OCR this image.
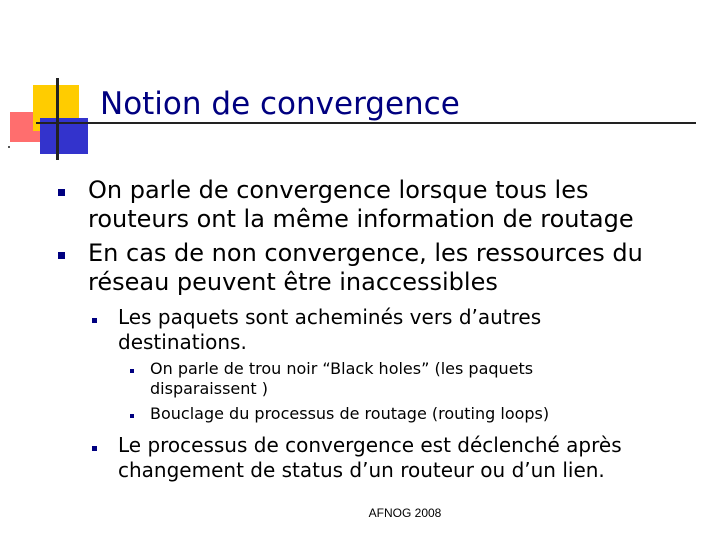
Notion de convergence
On parle de convergence lorsque tous les
routeurs ont la même information de routage
En cas de non convergence, les ressources du
réseau peuvent être inaccessibles
Les paquets sont acheminés vers d’autres
destinations.
On parle de trou noir “Black holes” (les paquets
disparaissent )
Bouclage du processus de routage (routing loops)
Le processus de convergence est déclenché après
changement de status d’un routeur ou d’un lien.
AFNOG 2008
